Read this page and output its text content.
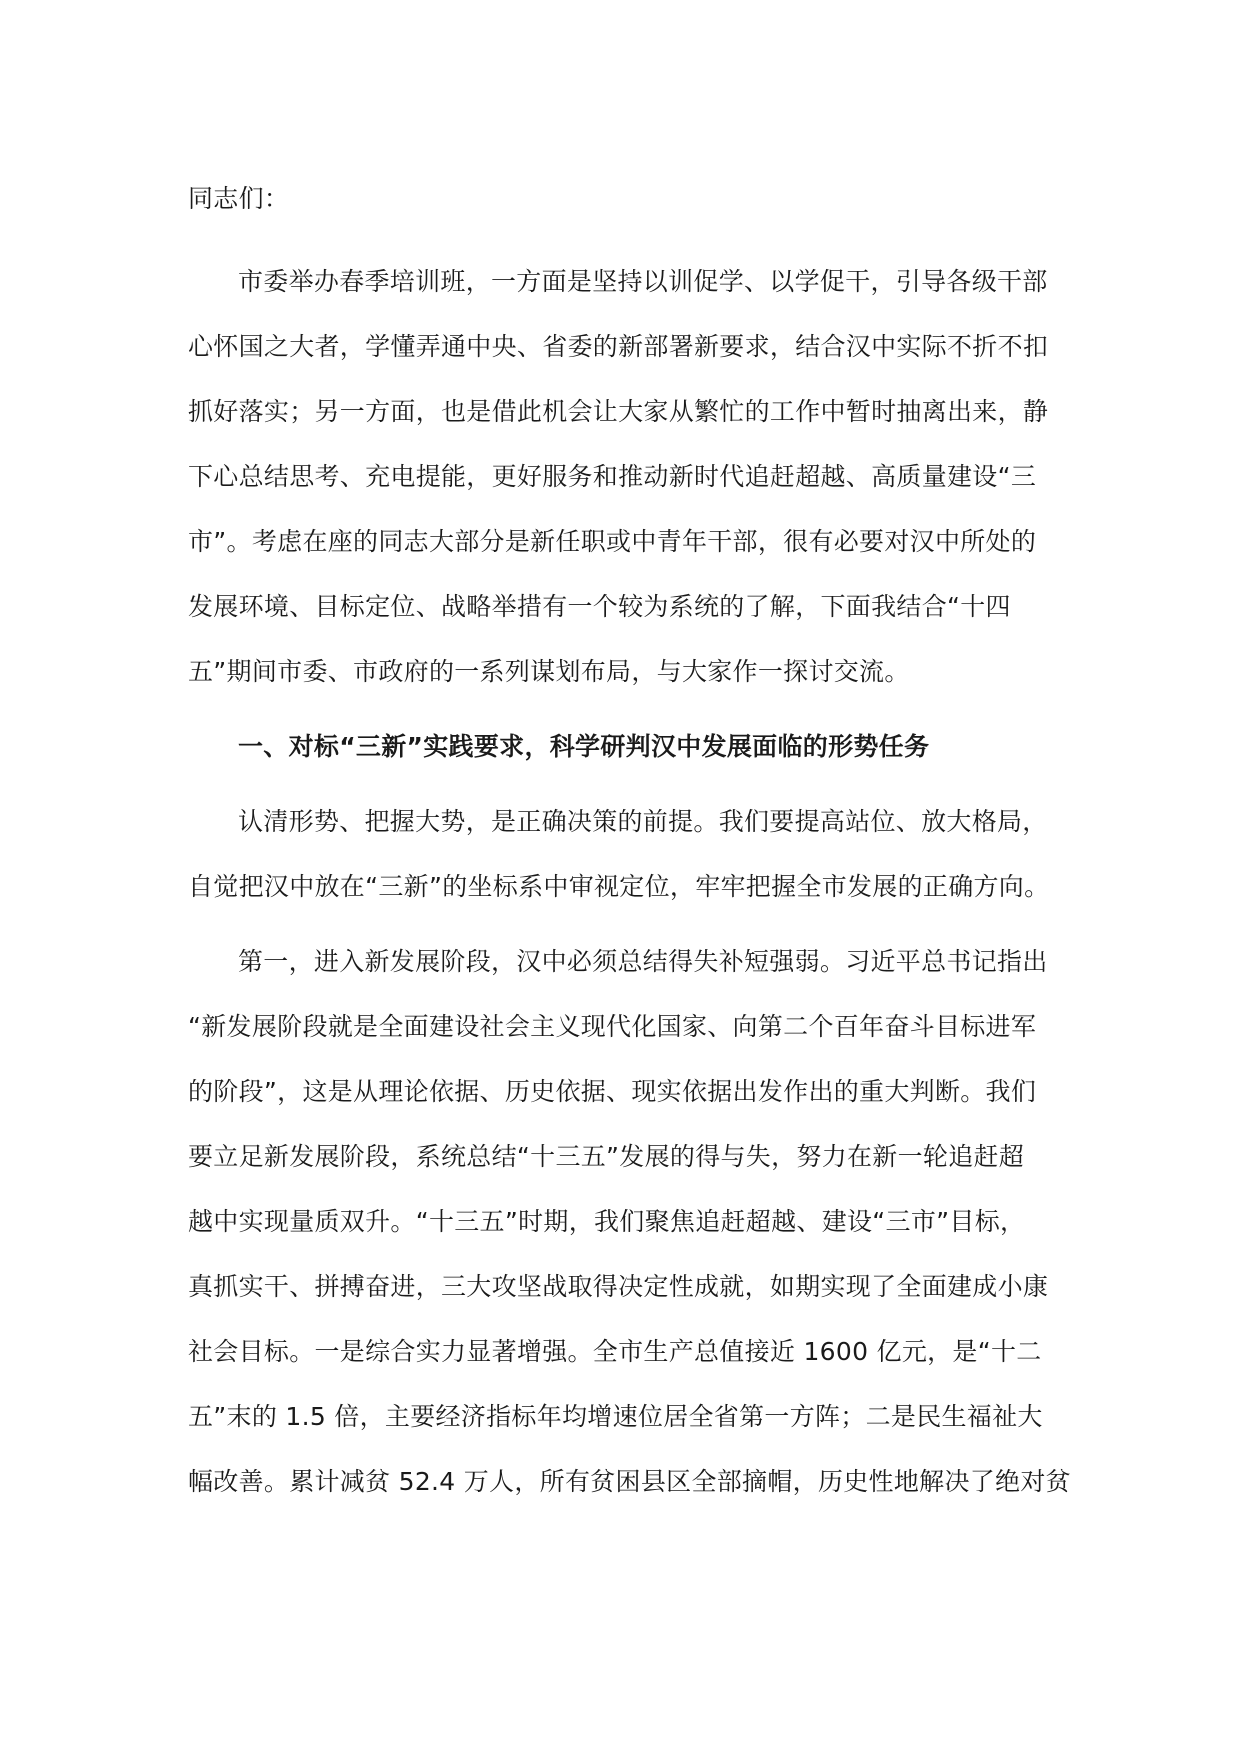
同志们：
市委举办春季培训班，一方面是坚持以训促学、以学促干，引导各级干部
心怀国之大者，学懂弄通中央、省委的新部署新要求，结合汉中实际不折不扣
抓好落实；另一方面，也是借此机会让大家从繁忙的工作中暂时抽离出来，静
下心总结思考、充电提能，更好服务和推动新时代追赶超越、高质量建设“三
市”。考虑在座的同志大部分是新任职或中青年干部，很有必要对汉中所处的
发展环境、目标定位、战略举措有一个较为系统的了解，下面我结合“十四
五”期间市委、市政府的一系列谋划布局，与大家作一探讨交流。
一、对标“三新”实践要求，科学研判汉中发展面临的形势任务
认清形势、把握大势，是正确决策的前提。我们要提高站位、放大格局，
自觉把汉中放在“三新”的坐标系中审视定位，牢牢把握全市发展的正确方向。
第一，进入新发展阶段，汉中必须总结得失补短强弱。习近平总书记指出
“新发展阶段就是全面建设社会主义现代化国家、向第二个百年奋斗目标进军
的阶段”，这是从理论依据、历史依据、现实依据出发作出的重大判断。我们
要立足新发展阶段，系统总结“十三五”发展的得与失，努力在新一轮追赶超
越中实现量质双升。“十三五”时期，我们聚焦追赶超越、建设“三市”目标，
真抓实干、拼搏奋进，三大攻坚战取得决定性成就，如期实现了全面建成小康
社会目标。一是综合实力显著增强。全市生产总值接近 1600 亿元，是“十二
五”末的 1.5 倍，主要经济指标年均增速位居全省第一方阵；二是民生福祉大
幅改善。累计减贫 52.4 万人，所有贫困县区全部摘帽，历史性地解决了绝对贫
